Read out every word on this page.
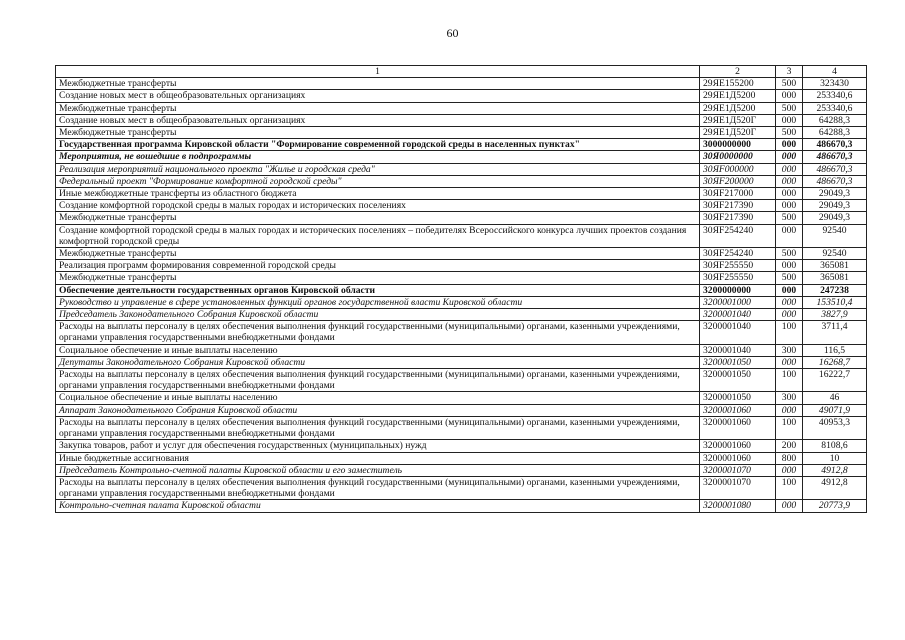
60
1	2	3	4
Межбюджетные трансферты	29ЯЕ155200	500	323430
Создание новых мест в общеобразовательных организациях	29ЯЕ1Д5200	000	253340,6
Межбюджетные трансферты	29ЯЕ1Д5200	500	253340,6
Создание новых мест в общеобразовательных организациях	29ЯЕ1Д520Г	000	64288,3
Межбюджетные трансферты	29ЯЕ1Д520Г	500	64288,3
Государственная программа Кировской области "Формирование современной городской среды в населенных пунктах"	3000000000	000	486670,3
Мероприятия, не вошедшие в подпрограммы	30Я0000000	000	486670,3
Реализация мероприятий национального проекта "Жилье и городская среда"	30ЯF000000	000	486670,3
Федеральный проект "Формирование комфортной городской среды"	30ЯF200000	000	486670,3
Иные межбюджетные трансферты из областного бюджета	30ЯF217000	000	29049,3
Создание комфортной городской среды в малых городах и исторических поселениях	30ЯF217390	000	29049,3
Межбюджетные трансферты	30ЯF217390	500	29049,3
Создание комфортной городской среды в малых городах и исторических поселениях – победителях Всероссийского конкурса лучших проектов создания комфортной городской среды	30ЯF254240	000	92540
Межбюджетные трансферты	30ЯF254240	500	92540
Реализация программ формирования современной городской среды	30ЯF255550	000	365081
Межбюджетные трансферты	30ЯF255550	500	365081
Обеспечение деятельности государственных органов Кировской области	3200000000	000	247238
Руководство и управление в сфере установленных функций органов государственной власти Кировской области	3200001000	000	153510,4
Председатель Законодательного Собрания Кировской области	3200001040	000	3827,9
Расходы на выплаты персоналу в целях обеспечения выполнения функций государственными (муниципальными) органами, казенными учреждениями, органами управления государственными внебюджетными фондами	3200001040	100	3711,4
Социальное обеспечение и иные выплаты населению	3200001040	300	116,5
Депутаты Законодательного Собрания Кировской области	3200001050	000	16268,7
Расходы на выплаты персоналу в целях обеспечения выполнения функций государственными (муниципальными) органами, казенными учреждениями, органами управления государственными внебюджетными фондами	3200001050	100	16222,7
Социальное обеспечение и иные выплаты населению	3200001050	300	46
Аппарат Законодательного Собрания Кировской области	3200001060	000	49071,9
Расходы на выплаты персоналу в целях обеспечения выполнения функций государственными (муниципальными) органами, казенными учреждениями, органами управления государственными внебюджетными фондами	3200001060	100	40953,3
Закупка товаров, работ и услуг для обеспечения государственных (муниципальных) нужд	3200001060	200	8108,6
Иные бюджетные ассигнования	3200001060	800	10
Председатель Контрольно-счетной палаты Кировской области и его заместитель	3200001070	000	4912,8
Расходы на выплаты персоналу в целях обеспечения выполнения функций государственными (муниципальными) органами, казенными учреждениями, органами управления государственными внебюджетными фондами	3200001070	100	4912,8
Контрольно-счетная палата Кировской области	3200001080	000	20773,9
